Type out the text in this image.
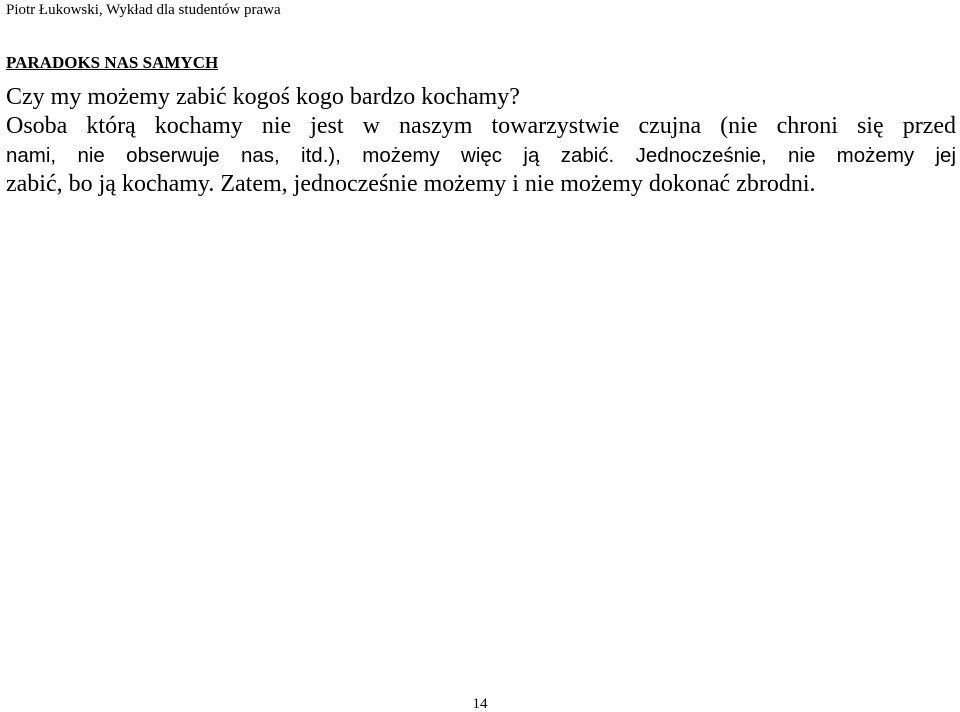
Piotr Łukowski, Wykład dla studentów prawa
PARADOKS NAS SAMYCH
Czy my możemy zabić kogoś kogo bardzo kochamy?
Osoba którą kochamy nie jest w naszym towarzystwie czujna (nie chroni się przed
nami, nie obserwuje nas, itd.), możemy więc ją zabić. Jednocześnie, nie możemy jej
zabić, bo ją kochamy. Zatem, jednocześnie możemy i nie możemy dokonać zbrodni.
14
